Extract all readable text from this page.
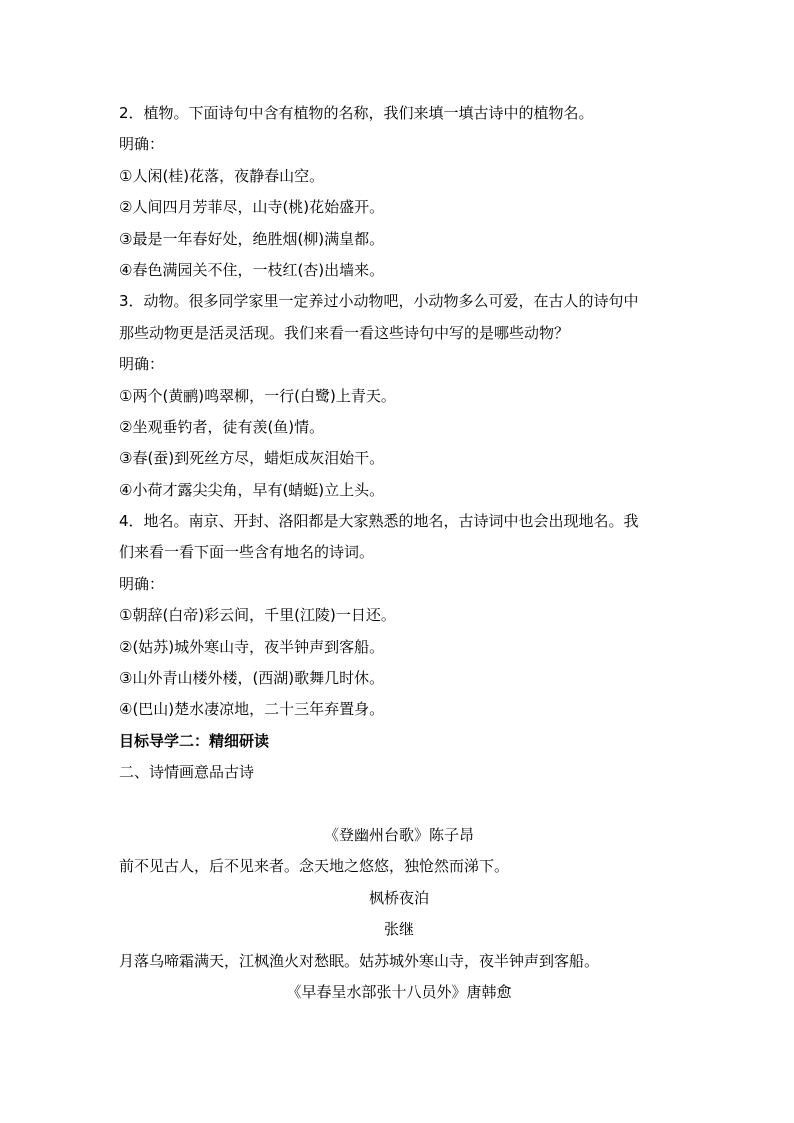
2．植物。下面诗句中含有植物的名称，我们来填一填古诗中的植物名。
明确：
①人闲(桂)花落，夜静春山空。
②人间四月芳菲尽，山寺(桃)花始盛开。
③最是一年春好处，绝胜烟(柳)满皇都。
④春色满园关不住，一枝红(杏)出墙来。
3．动物。很多同学家里一定养过小动物吧，小动物多么可爱，在古人的诗句中
那些动物更是活灵活现。我们来看一看这些诗句中写的是哪些动物？
明确：
①两个(黄鹂)鸣翠柳，一行(白鹭)上青天。
②坐观垂钓者，徒有羡(鱼)情。
③春(蚕)到死丝方尽，蜡炬成灰泪始干。
④小荷才露尖尖角，早有(蜻蜓)立上头。
4．地名。南京、开封、洛阳都是大家熟悉的地名，古诗词中也会出现地名。我
们来看一看下面一些含有地名的诗词。
明确：
①朝辞(白帝)彩云间，千里(江陵)一日还。
②(姑苏)城外寒山寺，夜半钟声到客船。
③山外青山楼外楼，(西湖)歌舞几时休。
④(巴山)楚水凄凉地，二十三年弃置身。
目标导学二：精细研读
二、诗情画意品古诗
《登幽州台歌》陈子昂
前不见古人，后不见来者。念天地之悠悠，独怆然而涕下。
枫桥夜泊
张继
月落乌啼霜满天，江枫渔火对愁眠。姑苏城外寒山寺，夜半钟声到客船。
《早春呈水部张十八员外》唐韩愈
